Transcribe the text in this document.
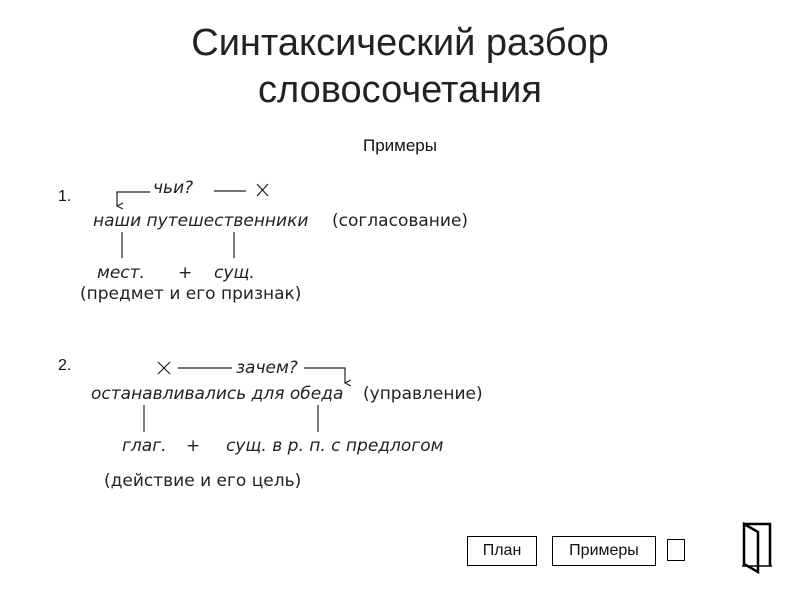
Синтаксический разбор
словосочетания
Примеры
1.	чьи?
наши путешественники (согласование)
мест. + сущ.
(предмет и его признак)
2.	зачем?
останавливались для обеда (управление)
глаг. + сущ. в р. п. с предлогом
(действие и его цель)
План	Примеры
